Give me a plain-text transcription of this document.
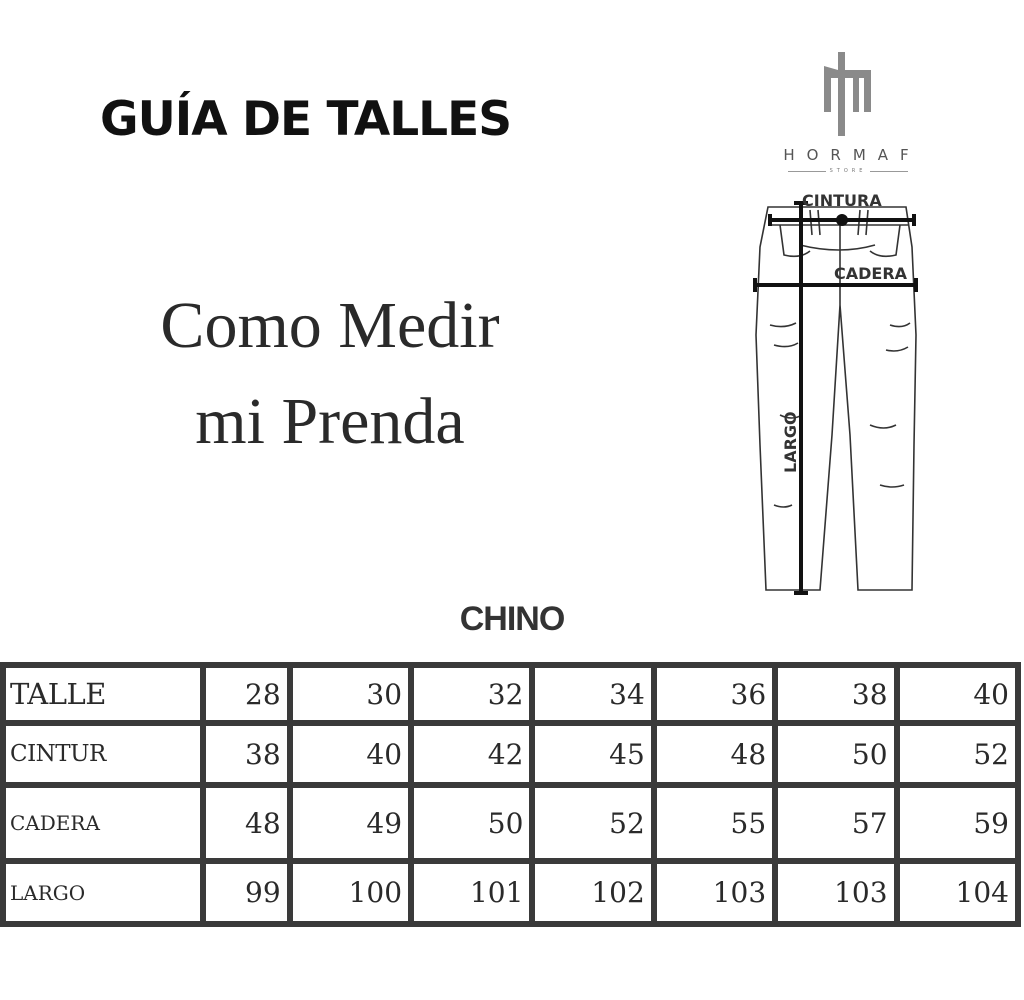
GUÍA DE TALLES
Como Medir
mi Prenda
HORMAF
STORE
CINTURA
CADERA
LARGO
CHINO
TALLE	28	30	32	34	36	38	40
CINTUR	38	40	42	45	48	50	52
CADERA	48	49	50	52	55	57	59
LARGO	99	100	101	102	103	103	104
